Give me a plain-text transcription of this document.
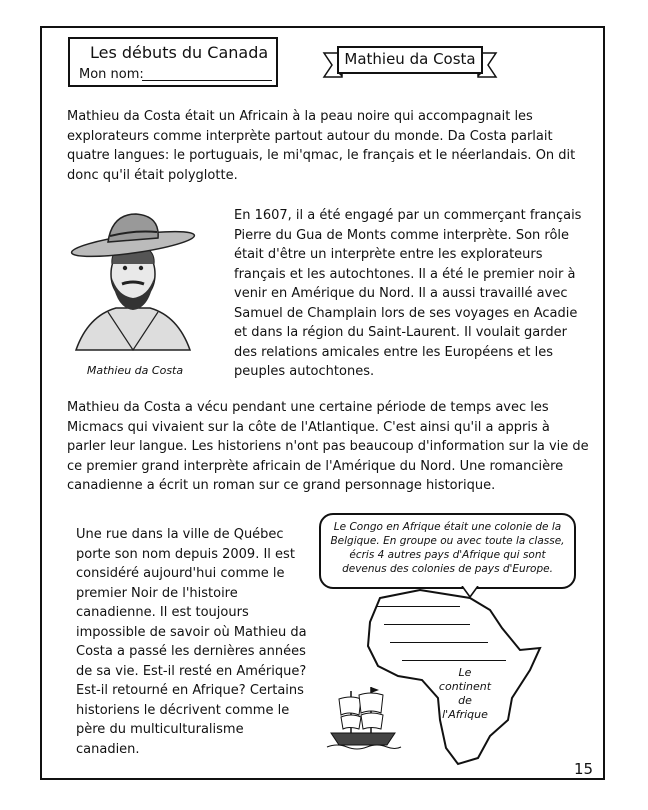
Les débuts du Canada
Mon nom:
Mathieu da Costa

Mathieu da Costa était un Africain à la peau noire qui accompagnait les explorateurs comme interprète partout autour du monde. Da Costa parlait quatre langues: le portuguais, le mi'qmac, le français et le néerlandais. On dit donc qu'il était polyglotte.

Mathieu da Costa

En 1607, il a été engagé par un commerçant français Pierre du Gua de Monts comme interprète. Son rôle était d'être un interprète entre les explorateurs français et les autochtones. Il a été le premier noir à venir en Amérique du Nord. Il a aussi travaillé avec Samuel de Champlain lors de ses voyages en Acadie et dans la région du Saint-Laurent. Il voulait garder des relations amicales entre les Européens et les peuples autochtones.

Mathieu da Costa a vécu pendant une certaine période de temps avec les Micmacs qui vivaient sur la côte de l'Atlantique. C'est ainsi qu'il a appris à parler leur langue. Les historiens n'ont pas beaucoup d'information sur la vie de ce premier grand interprète africain de l'Amérique du Nord. Une romancière canadienne a écrit un roman sur ce grand personnage historique.

Une rue dans la ville de Québec porte son nom depuis 2009. Il est considéré aujourd'hui comme le premier Noir de l'histoire canadienne. Il est toujours impossible de savoir où Mathieu da Costa a passé les dernières années de sa vie. Est-il resté en Amérique? Est-il retourné en Afrique? Certains historiens le décrivent comme le père du multiculturalisme canadien.

Le Congo en Afrique était une colonie de la Belgique. En groupe ou avec toute la classe, écris 4 autres pays d'Afrique qui sont devenus des colonies de pays d'Europe.
Le
continent
de
l'Afrique
15
